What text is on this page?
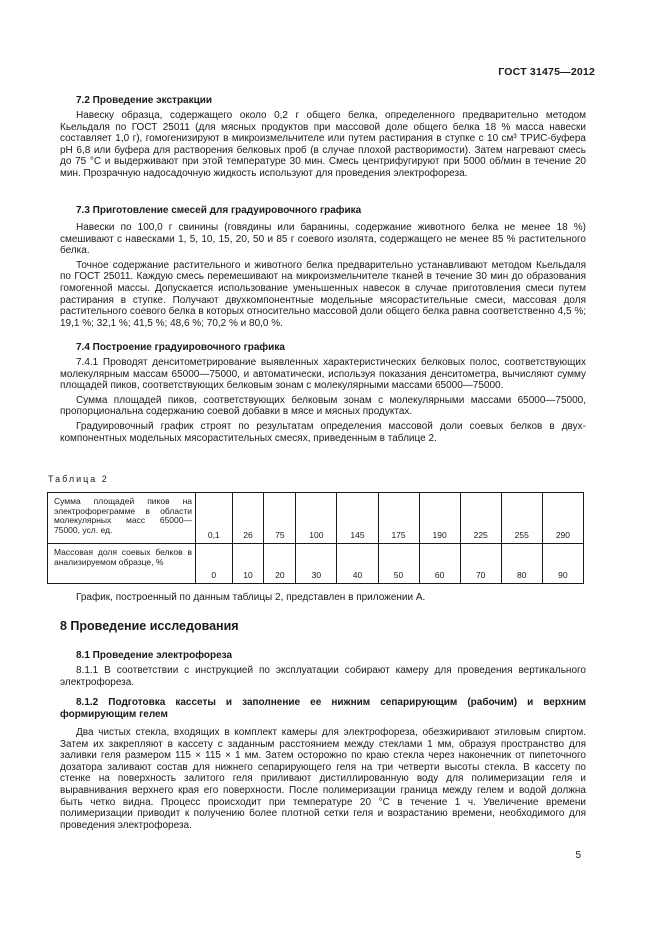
ГОСТ 31475—2012
7.2 Проведение экстракции

Навеску образца, содержащего около 0,2 г общего белка, определенного предварительно методом Кьельдаля по ГОСТ 25011 (для мясных продуктов при массовой доле общего белка 18 % масса навески составляет 1,0 г), гомогенизируют в микроизмельчителе или путем растирания в ступке с 10 см³ ТРИС-буфера pH 6,8 или буфера для растворения белковых проб (в случае плохой растворимости). Затем нагревают смесь до 75 °С и выдерживают при этой температуре 30 мин. Смесь центрифугируют при 5000 об/мин в течение 20 мин. Прозрачную надосадочную жидкость используют для проведения электрофореза.

7.3 Приготовление смесей для градуировочного графика

Навески по 100,0 г свинины (говядины или баранины, содержание животного белка не менее 18 %) смешивают с навесками 1, 5, 10, 15, 20, 50 и 85 г соевого изолята, содержащего не менее 85 % растительного белка.

Точное содержание растительного и животного белка предварительно устанавливают методом Кьельдаля по ГОСТ 25011. Каждую смесь перемешивают на микроизмельчителе тканей в течение 30 мин до образования гомогенной массы. Допускается использование уменьшенных навесок в случае приготовления смеси путем растирания в ступке. Получают двухкомпонентные модельные мясорастительные смеси, массовая доля растительного соевого белка в которых относительно массовой доли общего белка равна соответственно 4,5 %; 19,1 %; 32,1 %; 41,5 %; 48,6 %; 70,2 % и 80,0 %.

7.4 Построение градуировочного графика

7.4.1 Проводят денситометрирование выявленных характеристических белковых полос, соответствующих молекулярным массам 65000—75000, и автоматически, используя показания денситометра, вычисляют сумму площадей пиков, соответствующих белковым зонам с молекулярными массами 65000—75000.

Сумма площадей пиков, соответствующих белковым зонам с молекулярными массами 65000—75000, пропорциональна содержанию соевой добавки в мясе и мясных продуктах.

Градуировочный график строят по результатам определения массовой доли соевых белков в двухкомпонентных модельных мясорастительных смесях, приведенным в таблице 2.

Таблица 2
Сумма площадей пиков на электрофореграмме в области молекулярных масс 65000—75000, усл. ед.	0,1	26	75	100	145	175	190	225	255	290
Массовая доля соевых белков в анализируемом образце, %	0	10	20	30	40	50	60	70	80	90

График, построенный по данным таблицы 2, представлен в приложении А.

8 Проведение исследования
8.1 Проведение электрофореза

8.1.1 В соответствии с инструкцией по эксплуатации собирают камеру для проведения вертикального электрофореза.

8.1.2 Подготовка кассеты и заполнение ее нижним сепарирующим (рабочим) и верхним формирующим гелем

Два чистых стекла, входящих в комплект камеры для электрофореза, обезжиривают этиловым спиртом. Затем их закрепляют в кассету с заданным расстоянием между стеклами 1 мм, образуя пространство для заливки геля размером 115 × 115 × 1 мм. Затем осторожно по краю стекла через наконечник от пипеточного дозатора заливают состав для нижнего сепарирующего геля на три четверти высоты стекла. В кассету по стенке на поверхность залитого геля приливают дистиллированную воду для полимеризации геля и выравнивания верхнего края его поверхности. После полимеризации граница между гелем и водой должна быть четко видна. Процесс происходит при температуре 20 °С в течение 1 ч. Увеличение времени полимеризации приводит к получению более плотной сетки геля и возрастанию времени, необходимого для проведения электрофореза.

5
